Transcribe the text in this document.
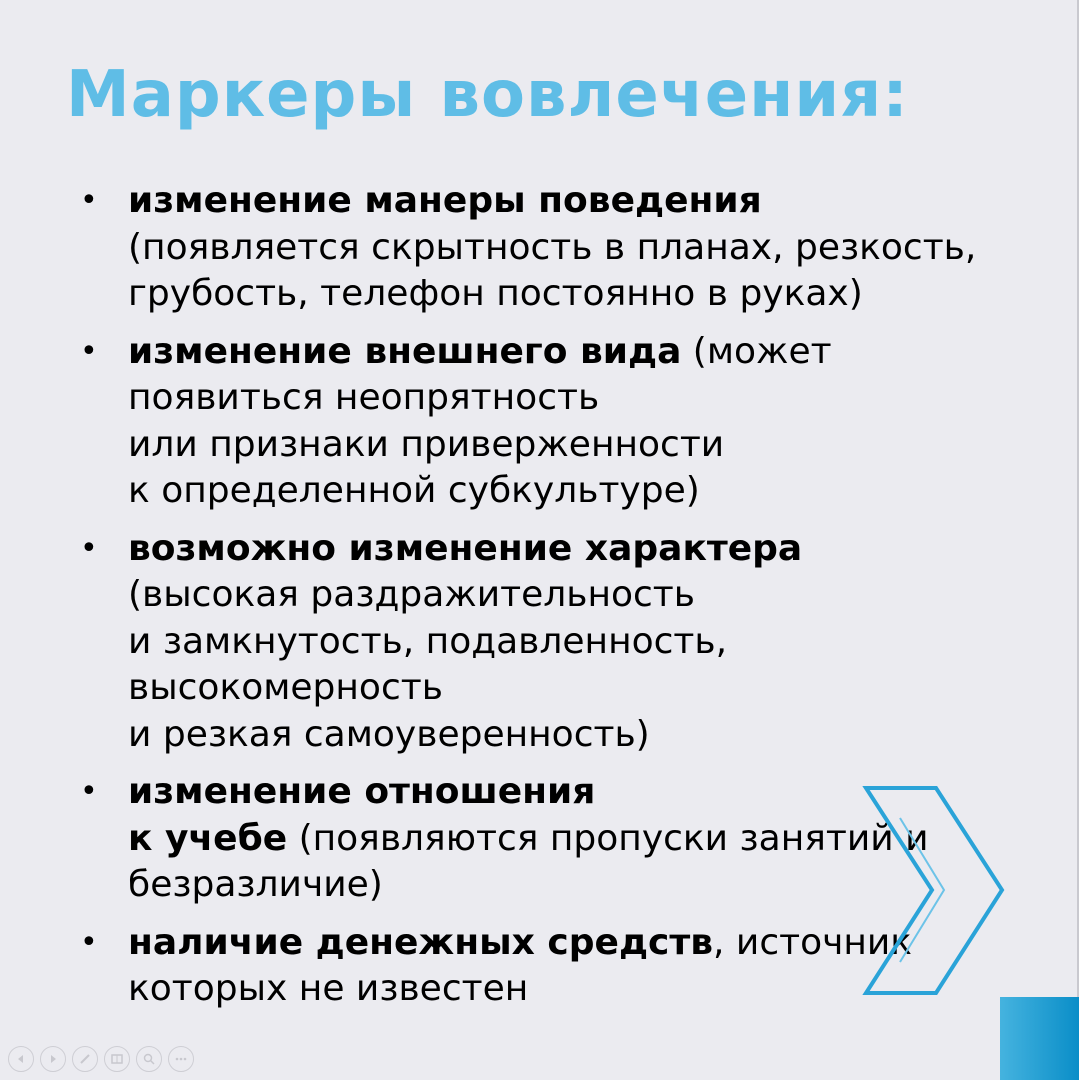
Маркеры вовлечения:
• изменение манеры поведения
(появляется скрытность в планах, резкость,
грубость, телефон постоянно в руках)
• изменение внешнего вида (может
появиться неопрятность
или признаки приверженности
к определенной субкультуре)
• возможно изменение характера
(высокая раздражительность
и замкнутость, подавленность,
высокомерность
и резкая самоуверенность)
• изменение отношения
к учебе (появляются пропуски занятий и
безразличие)
• наличие денежных средств, источник
которых не известен
